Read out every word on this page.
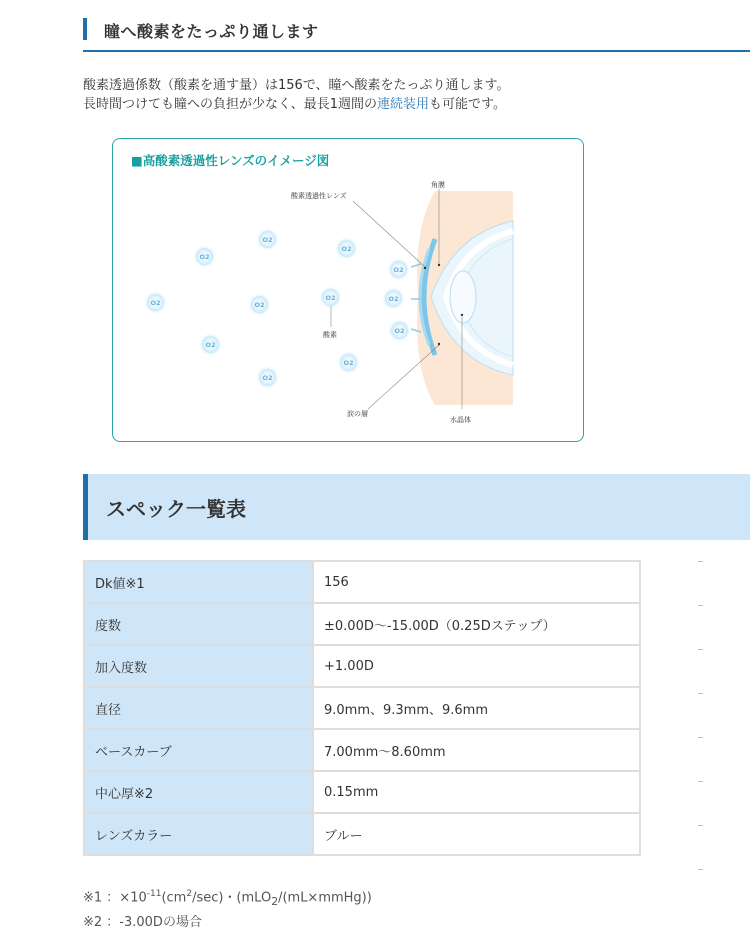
瞳へ酸素をたっぷり通します
酸素透過係数（酸素を通す量）は156で、瞳へ酸素をたっぷり通します。
長時間つけても瞳への負担が少なく、最長1週間の連続装用も可能です。
■高酸素透過性レンズのイメージ図
O2
O2
O2
O2	O2
O2
O2
O2
O2
O2
O2
O2
酸素透過性レンズ
角膜
酸素
涙の層
水晶体
スペック一覧表
Dk値※1	156
度数	±0.00D〜-15.00D（0.25Dステップ）
加入度数	+1.00D
直径	9.0mm、9.3mm、9.6mm
ベースカーブ	7.00mm〜8.60mm
中心厚※2	0.15mm
レンズカラー	ブルー
※1 ：$\times 10^{-11}(cm^2/\sec)$・(mLO$_2$/(mL×mmHg))
※2 ：-3.00Dの場合
